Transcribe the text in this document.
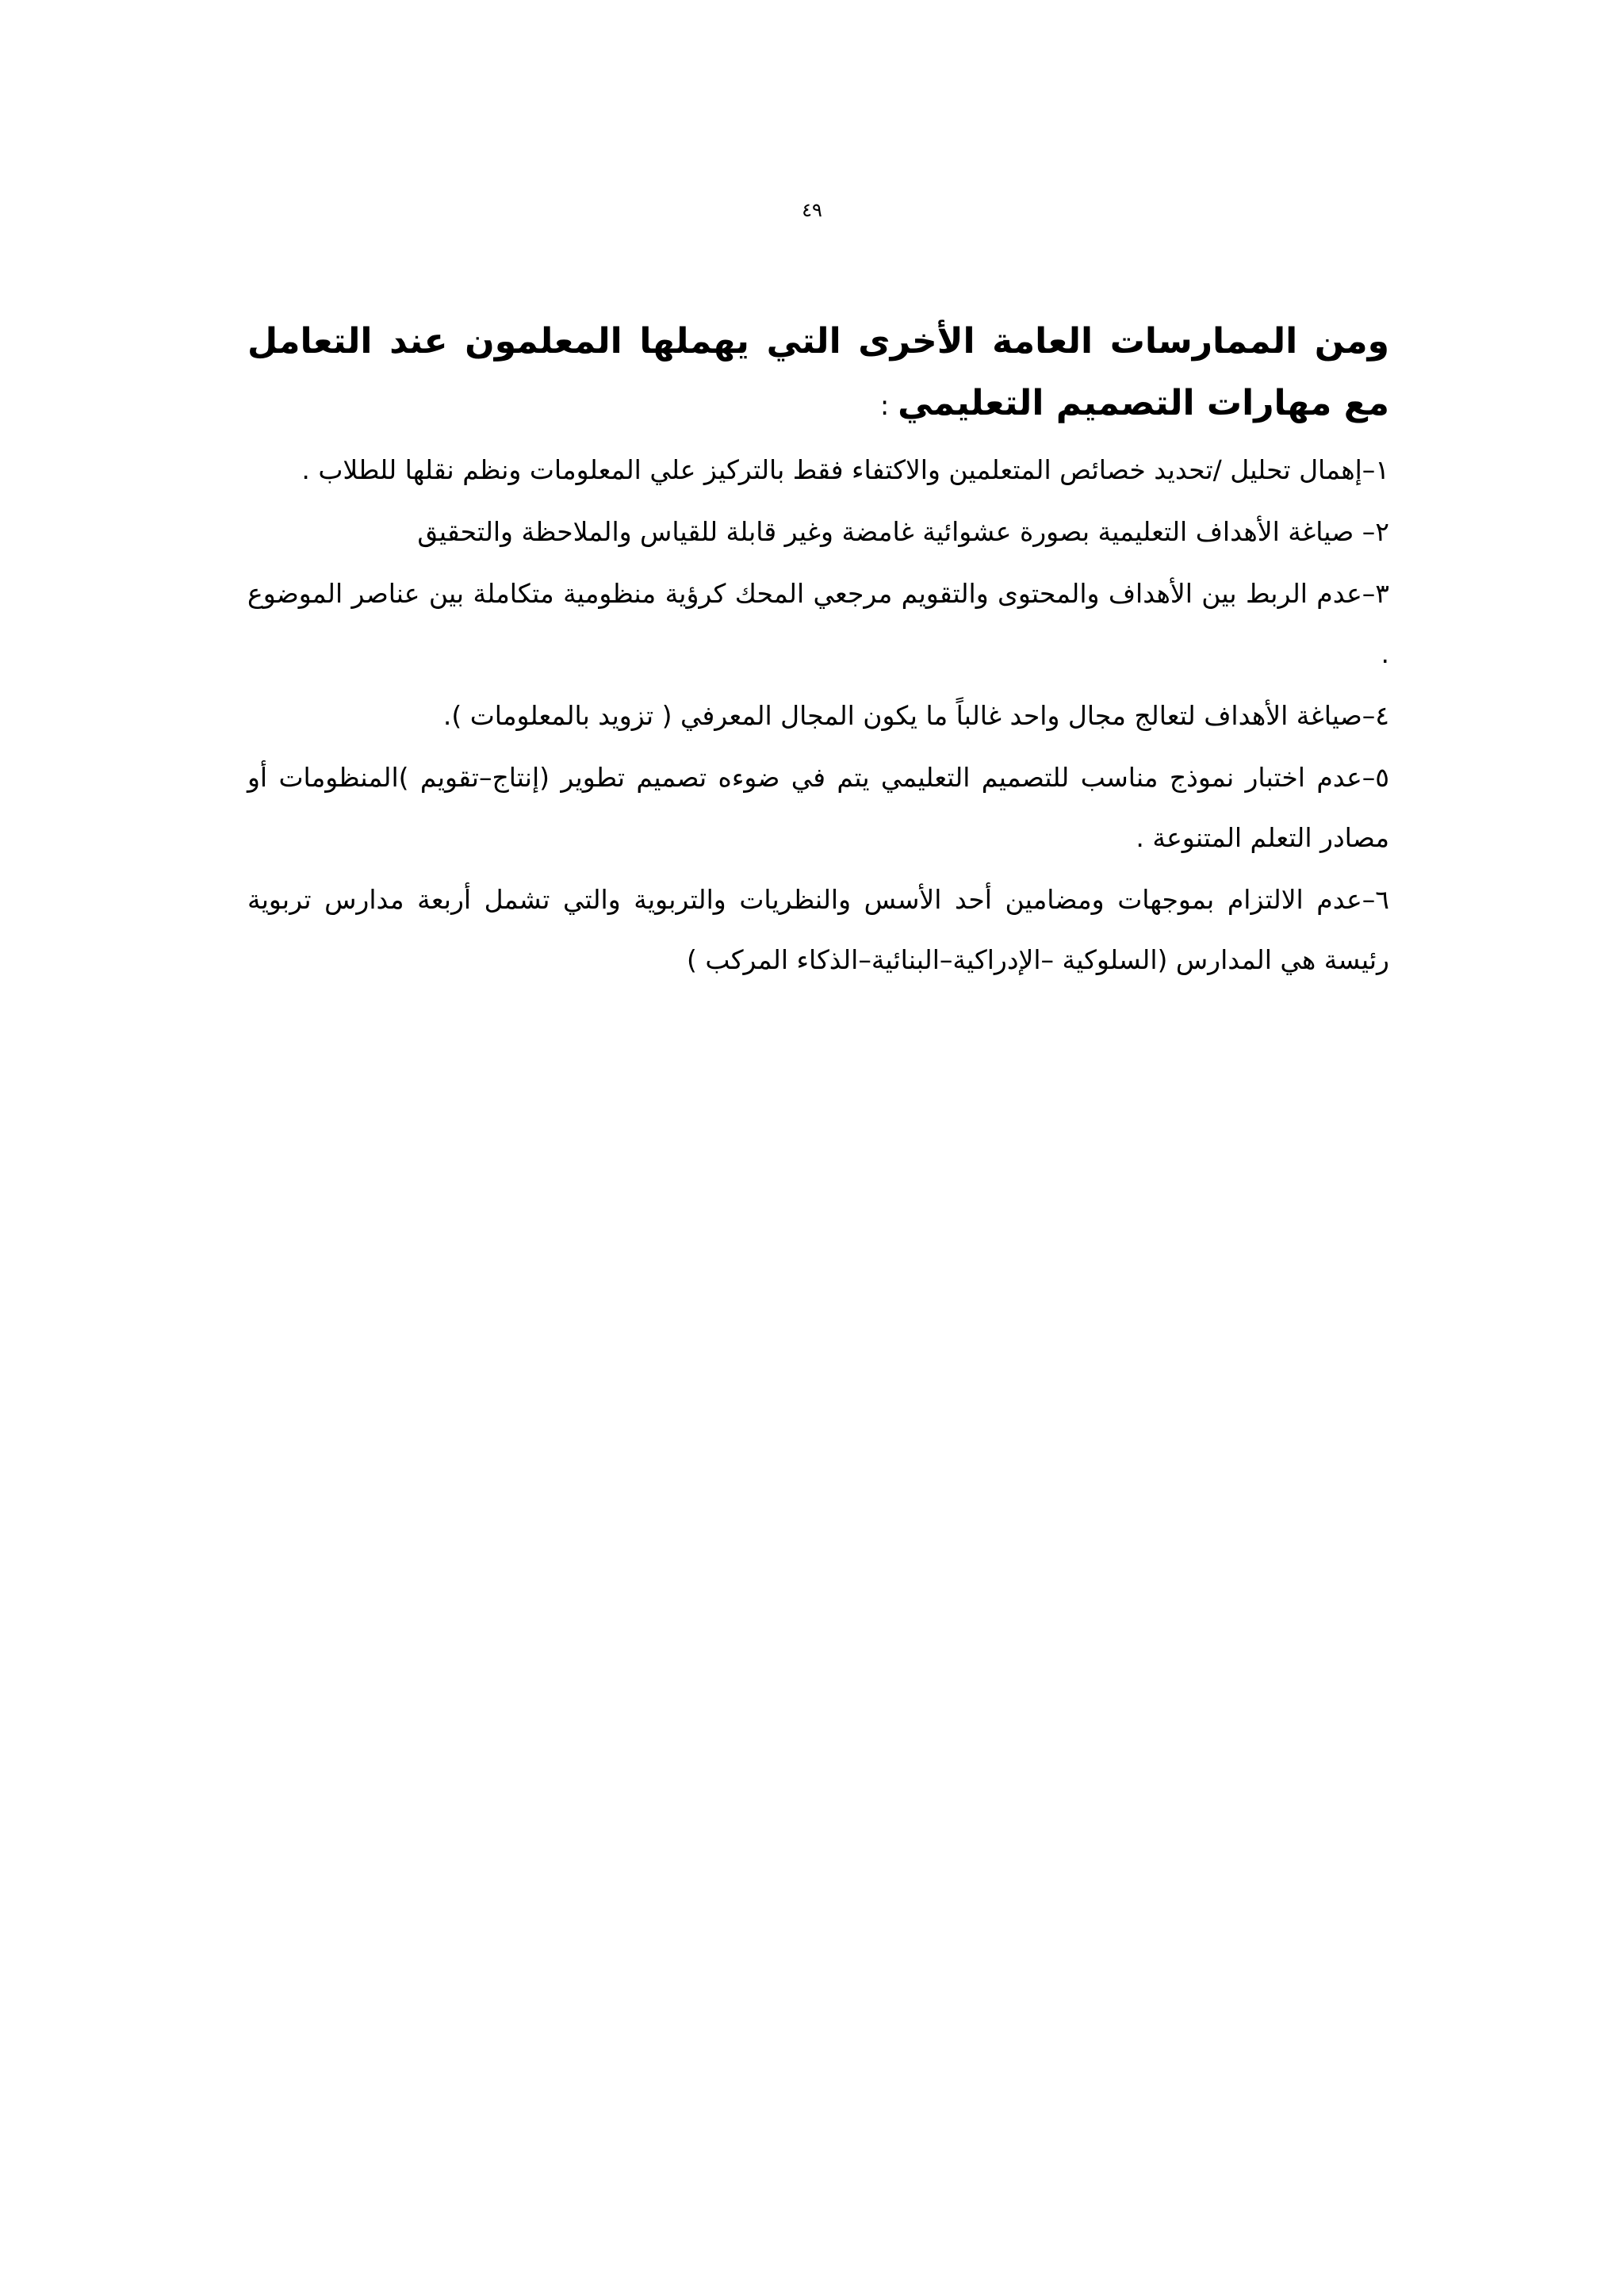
٤٩

ومن الممارسات العامة الأخرى التي يهملها المعلمون عند التعامل مع مهارات التصميم التعليمي :

١–إهمال تحليل /تحديد خصائص المتعلمين والاكتفاء فقط بالتركيز علي المعلومات ونظم نقلها للطلاب .
٢– صياغة الأهداف التعليمية بصورة عشوائية غامضة وغير قابلة للقياس والملاحظة والتحقيق
٣–عدم الربط بين الأهداف والمحتوى والتقويم مرجعي المحك كرؤية منظومية متكاملة بين عناصر الموضوع .
٤–صياغة الأهداف لتعالج مجال واحد غالباً ما يكون المجال المعرفي ( تزويد بالمعلومات ).
٥–عدم اختبار نموذج مناسب للتصميم التعليمي يتم في ضوءه تصميم تطوير (إنتاج–تقويم )المنظومات أو مصادر التعلم المتنوعة .
٦–عدم الالتزام بموجهات ومضامين أحد الأسس والنظريات والتربوية والتي تشمل أربعة مدارس تربوية رئيسة هي المدارس (السلوكية –الإدراكية–البنائية–الذكاء المركب )
